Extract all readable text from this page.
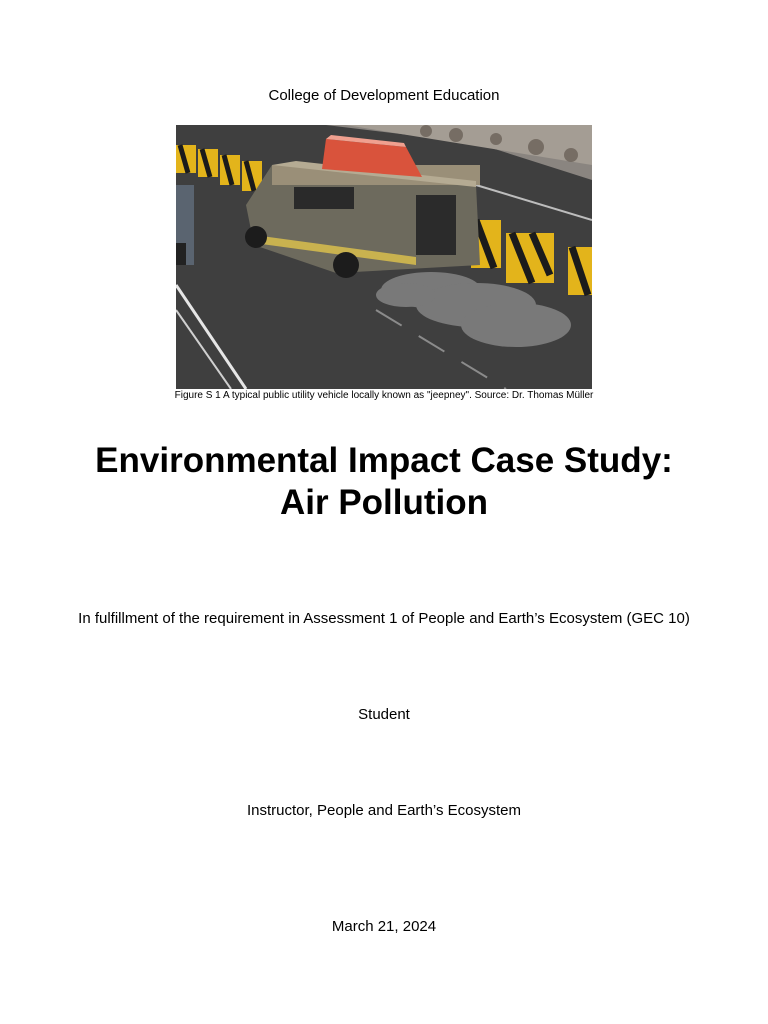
College of Development Education
Figure S 1 A typical public utility vehicle locally known as "jeepney". Source: Dr. Thomas Müller
Environmental Impact Case Study:
Air Pollution
In fulfillment of the requirement in Assessment 1 of People and Earth’s Ecosystem (GEC 10)
Student
Instructor, People and Earth’s Ecosystem
March 21, 2024
